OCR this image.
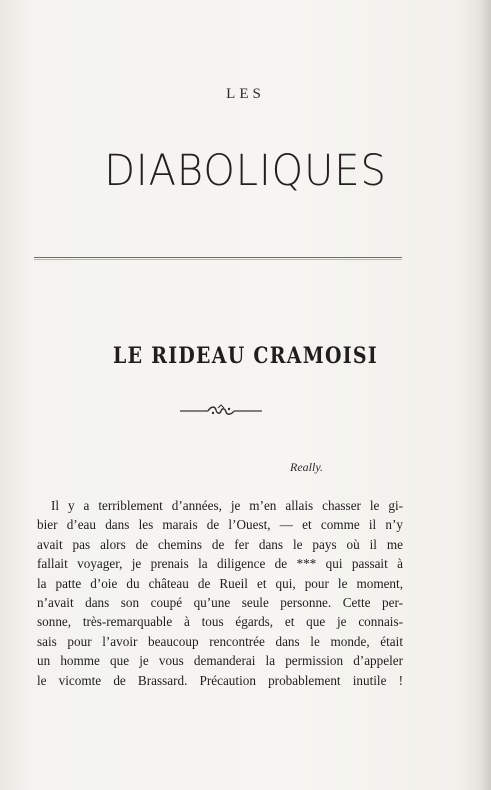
LES
DIABOLIQUES
LE RIDEAU CRAMOISI
Really.
Il y a terriblement d’années, je m’en allais chasser le gi-
bier d’eau dans les marais de l’Ouest, — et comme il n’y
avait pas alors de chemins de fer dans le pays où il me
fallait voyager, je prenais la diligence de *** qui passait à
la patte d’oie du château de Rueil et qui, pour le moment,
n’avait dans son coupé qu’une seule personne. Cette per-
sonne, très-remarquable à tous égards, et que je connais-
sais pour l’avoir beaucoup rencontrée dans le monde, était
un homme que je vous demanderai la permission d’appeler
le vicomte de Brassard. Précaution probablement inutile !
